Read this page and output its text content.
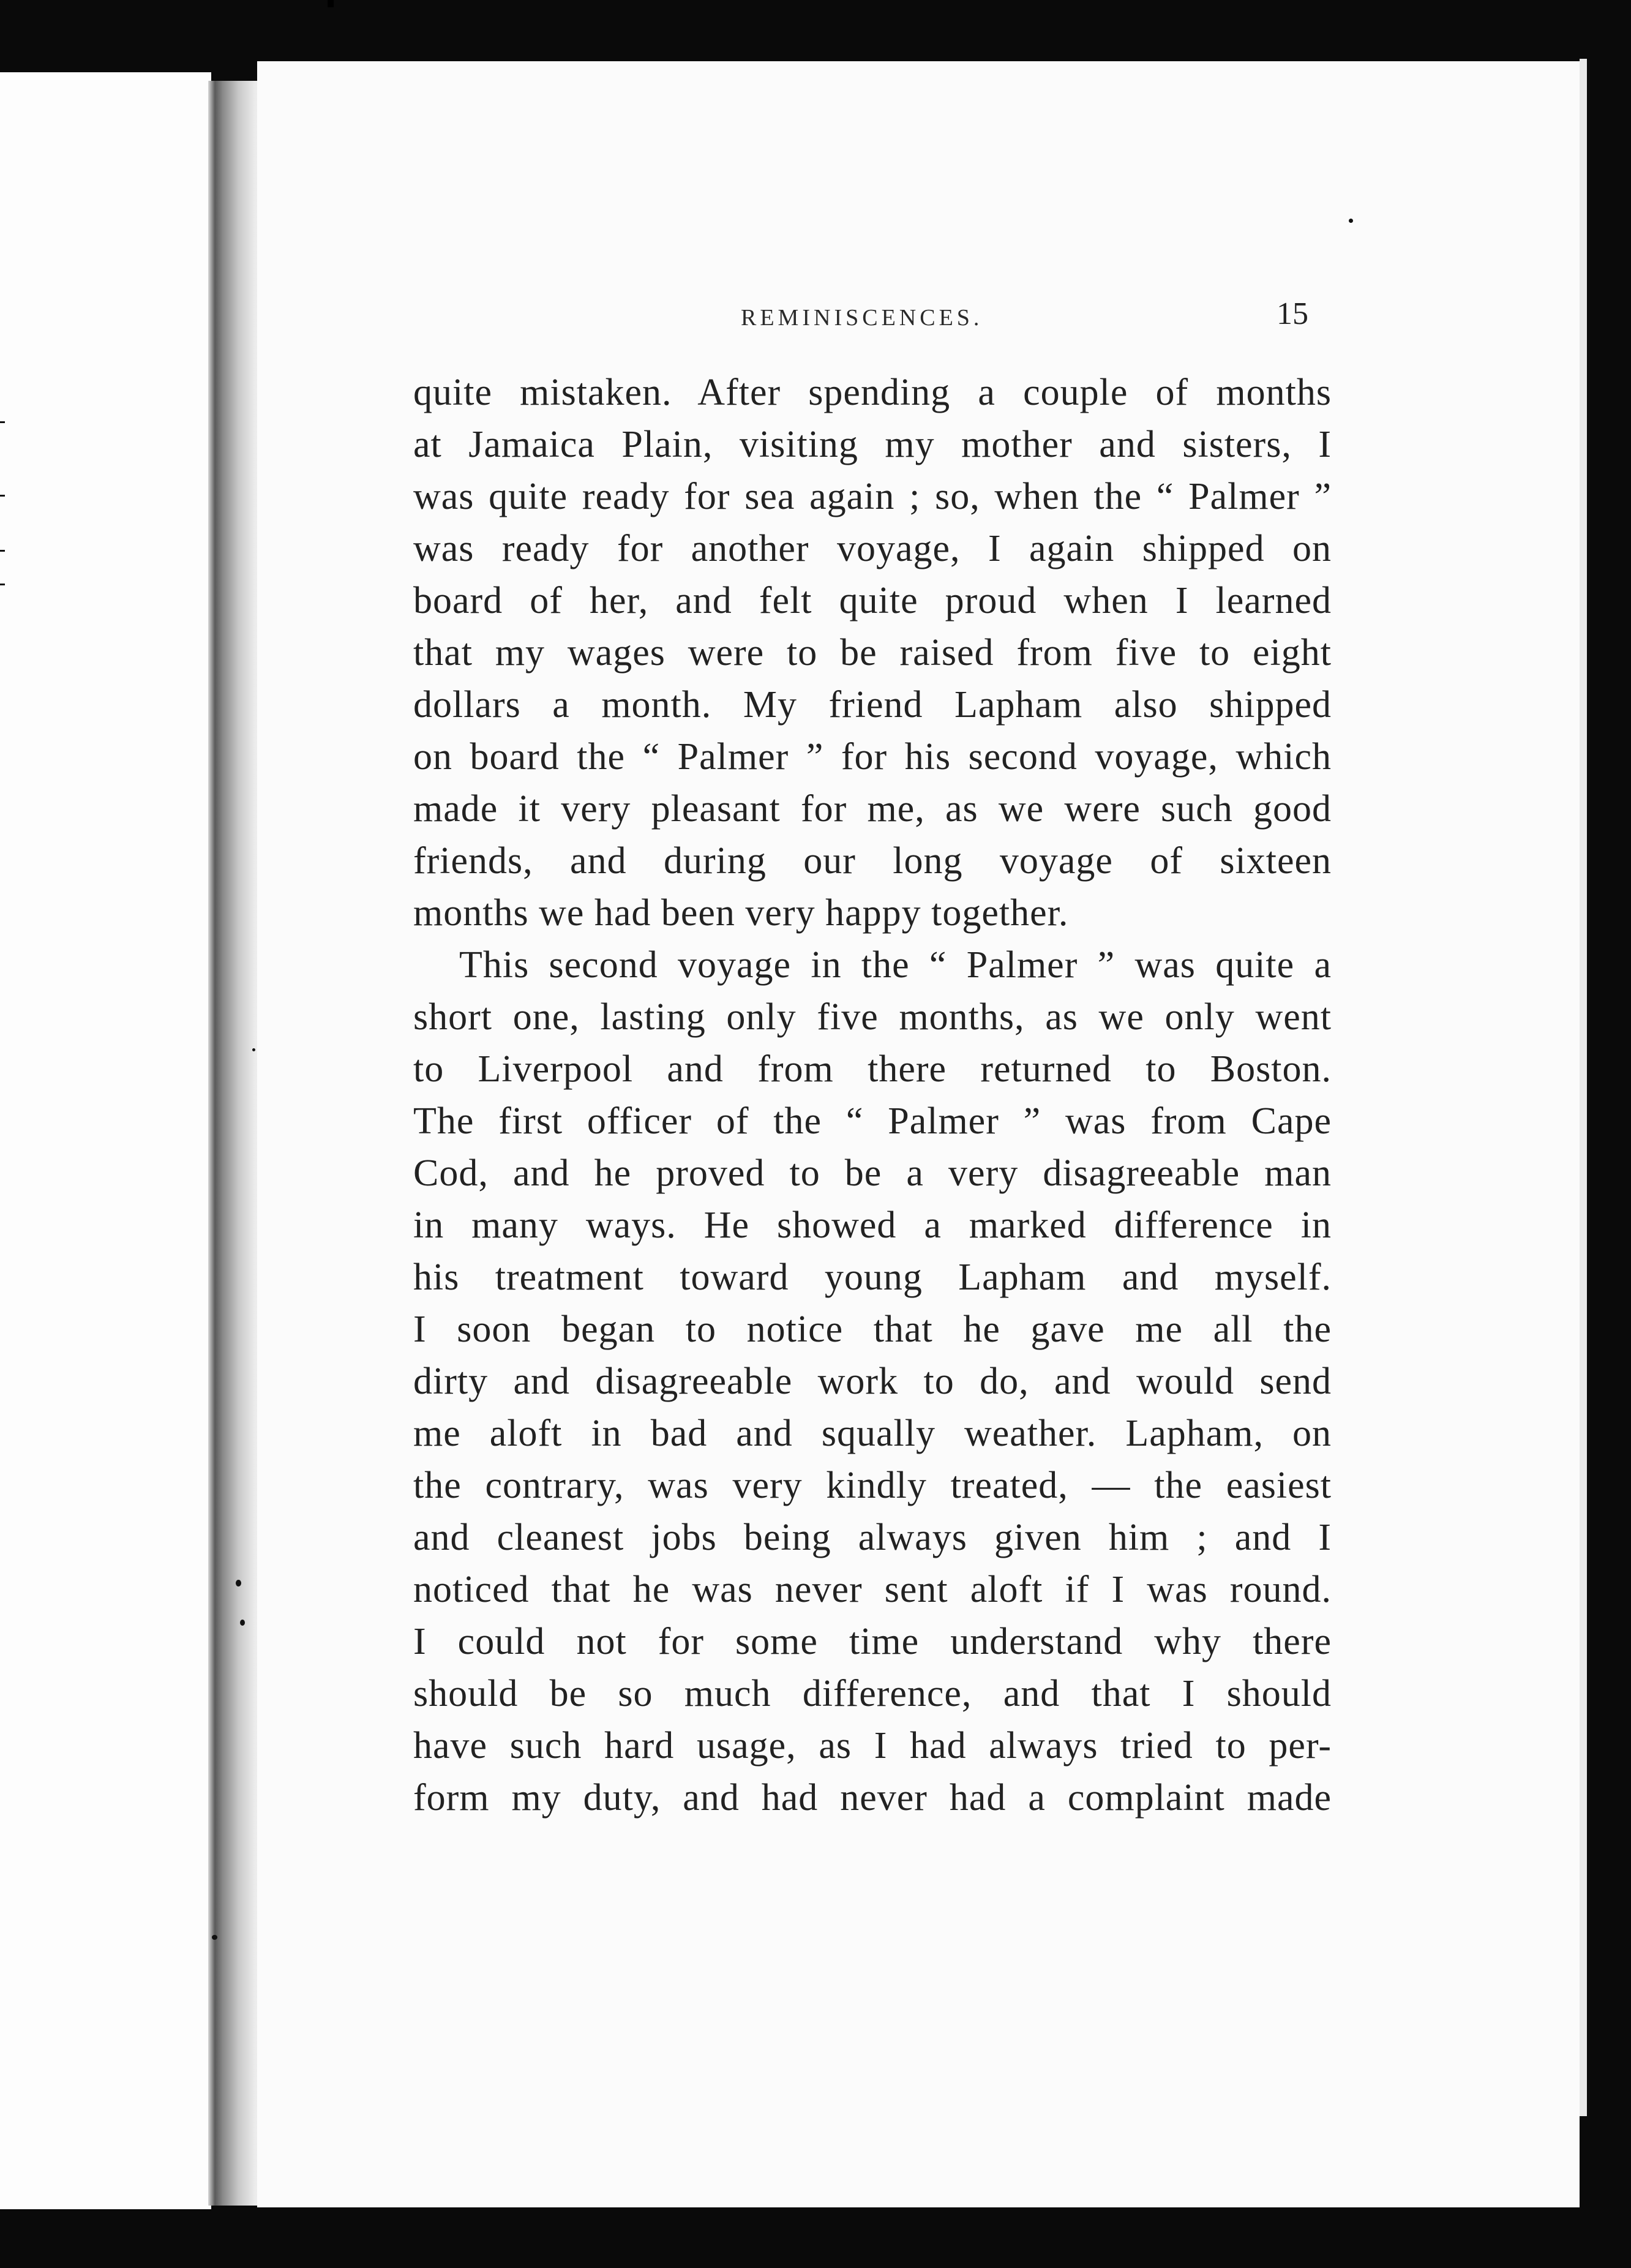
REMINISCENCES.	15
quite mistaken. After spending a couple of months
at Jamaica Plain, visiting my mother and sisters, I
was quite ready for sea again ; so, when the “ Palmer ”
was ready for another voyage, I again shipped on
board of her, and felt quite proud when I learned
that my wages were to be raised from five to eight
dollars a month. My friend Lapham also shipped
on board the “ Palmer ” for his second voyage, which
made it very pleasant for me, as we were such good
friends, and during our long voyage of sixteen
months we had been very happy together.
This second voyage in the “ Palmer ” was quite a
short one, lasting only five months, as we only went
to Liverpool and from there returned to Boston.
The first officer of the “ Palmer ” was from Cape
Cod, and he proved to be a very disagreeable man
in many ways. He showed a marked difference in
his treatment toward young Lapham and myself.
I soon began to notice that he gave me all the
dirty and disagreeable work to do, and would send
me aloft in bad and squally weather. Lapham, on
the contrary, was very kindly treated, — the easiest
and cleanest jobs being always given him ; and I
noticed that he was never sent aloft if I was round.
I could not for some time understand why there
should be so much difference, and that I should
have such hard usage, as I had always tried to per-
form my duty, and had never had a complaint made
